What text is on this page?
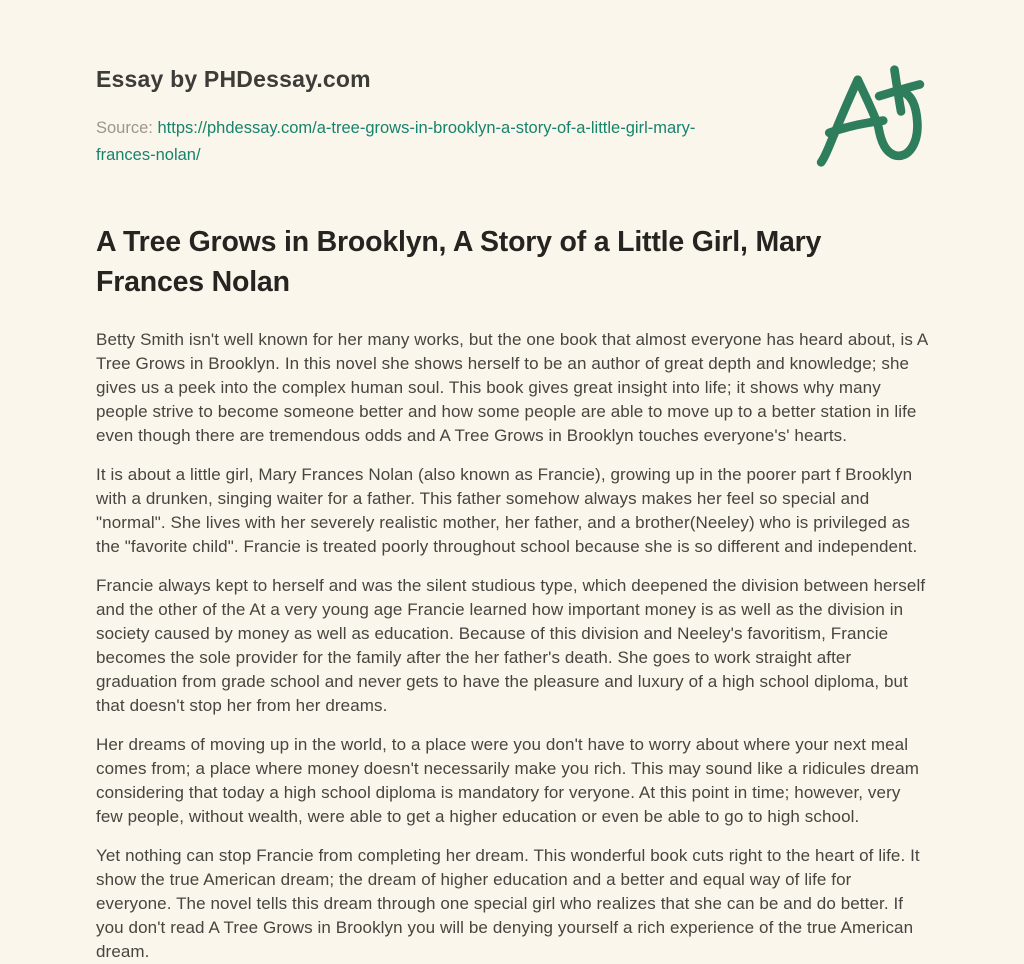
Essay by PHDessay.com
Source: https://phdessay.com/a-tree-grows-in-brooklyn-a-story-of-a-little-girl-mary-frances-nolan/
A Tree Grows in Brooklyn, A Story of a Little Girl, Mary Frances Nolan

Betty Smith isn't well known for her many works, but the one book that almost everyone has heard about, is A Tree Grows in Brooklyn. In this novel she shows herself to be an author of great depth and knowledge; she gives us a peek into the complex human soul. This book gives great insight into life; it shows why many people strive to become someone better and how some people are able to move up to a better station in life even though there are tremendous odds and A Tree Grows in Brooklyn touches everyone's' hearts.

It is about a little girl, Mary Frances Nolan (also known as Francie), growing up in the poorer part f Brooklyn with a drunken, singing waiter for a father. This father somehow always makes her feel so special and "normal". She lives with her severely realistic mother, her father, and a brother(Neeley) who is privileged as the "favorite child". Francie is treated poorly throughout school because she is so different and independent.

Francie always kept to herself and was the silent studious type, which deepened the division between herself and the other of the At a very young age Francie learned how important money is as well as the division in society caused by money as well as education. Because of this division and Neeley's favoritism, Francie becomes the sole provider for the family after the her father's death. She goes to work straight after graduation from grade school and never gets to have the pleasure and luxury of a high school diploma, but that doesn't stop her from her dreams.

Her dreams of moving up in the world, to a place were you don't have to worry about where your next meal comes from; a place where money doesn't necessarily make you rich. This may sound like a ridicules dream considering that today a high school diploma is mandatory for veryone. At this point in time; however, very few people, without wealth, were able to get a higher education or even be able to go to high school.

Yet nothing can stop Francie from completing her dream. This wonderful book cuts right to the heart of life. It show the true American dream; the dream of higher education and a better and equal way of life for everyone. The novel tells this dream through one special girl who realizes that she can be and do better. If you don't read A Tree Grows in Brooklyn you will be denying yourself a rich experience of the true American dream.
